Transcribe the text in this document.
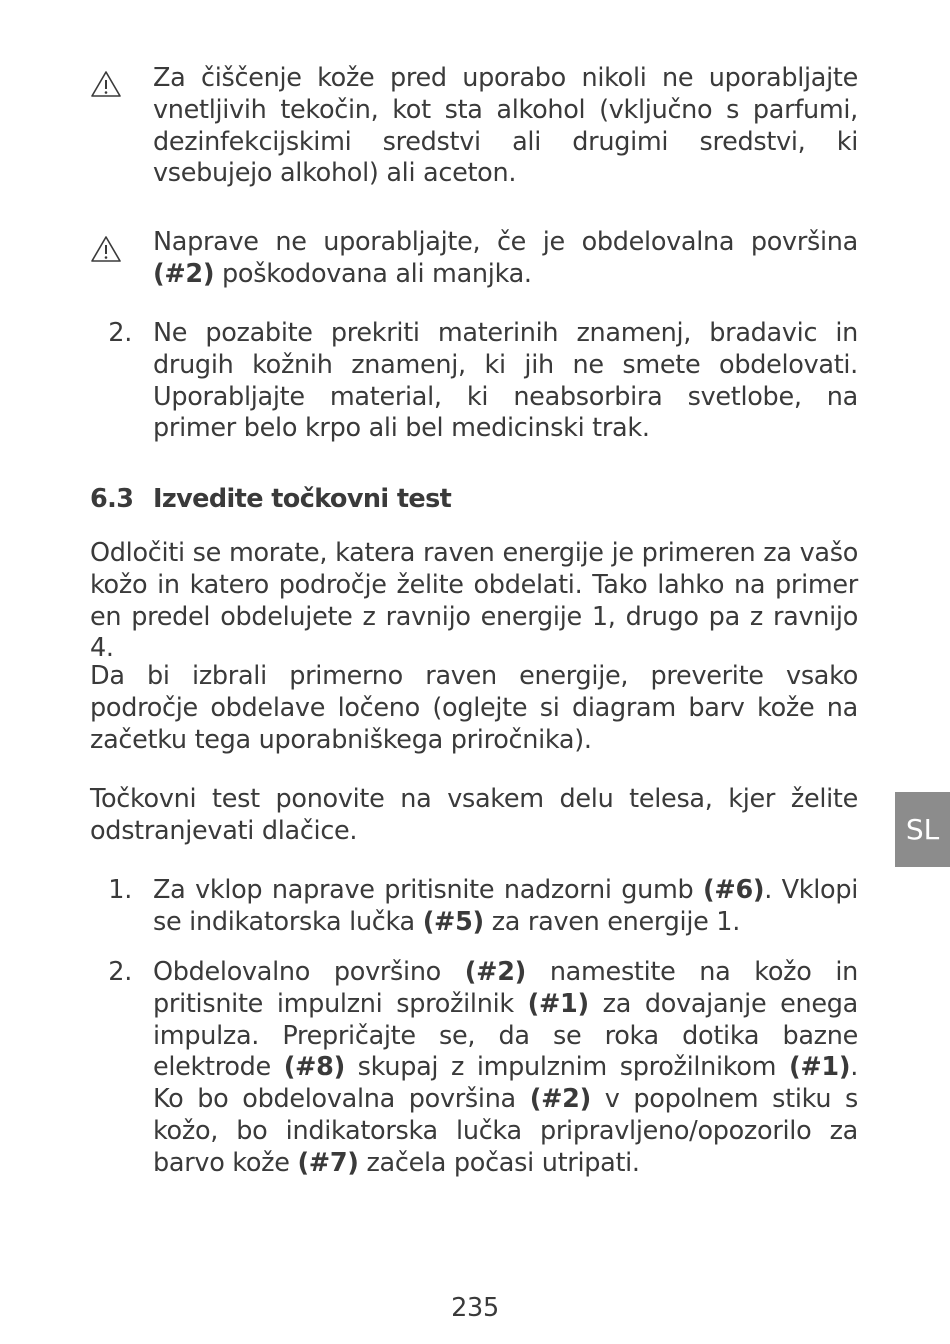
Za čiščenje kože pred uporabo nikoli ne uporabljajte vnetljivih tekočin, kot sta alkohol (vključno s parfumi, dezinfekcijskimi sredstvi ali drugimi sredstvi, ki vsebujejo alkohol) ali aceton.
Naprave ne uporabljajte, če je obdelovalna površina (#2) poškodovana ali manjka.
2. Ne pozabite prekriti materinih znamenj, bradavic in drugih kožnih znamenj, ki jih ne smete obdelovati. Uporabljajte material, ki neabsorbira svetlobe, na primer belo krpo ali bel medicinski trak.
6.3 Izvedite točkovni test
Odločiti se morate, katera raven energije je primeren za vašo kožo in katero področje želite obdelati. Tako lahko na primer en predel obdelujete z ravnijo energije 1, drugo pa z ravnijo 4.
Da bi izbrali primerno raven energije, preverite vsako področje obdelave ločeno (oglejte si diagram barv kože na začetku tega uporabniškega priročnika).
Točkovni test ponovite na vsakem delu telesa, kjer želite odstranjevati dlačice.	SL
1. Za vklop naprave pritisnite nadzorni gumb (#6). Vklopi se indikatorska lučka (#5) za raven energije 1.
2. Obdelovalno površino (#2) namestite na kožo in pritisnite impulzni sprožilnik (#1) za dovajanje enega impulza. Prepričajte se, da se roka dotika bazne elektrode (#8) skupaj z impulznim sprožilnikom (#1). Ko bo obdelovalna površina (#2) v popolnem stiku s kožo, bo indikatorska lučka pripravljeno/opozorilo za barvo kože (#7) začela počasi utripati.
235
